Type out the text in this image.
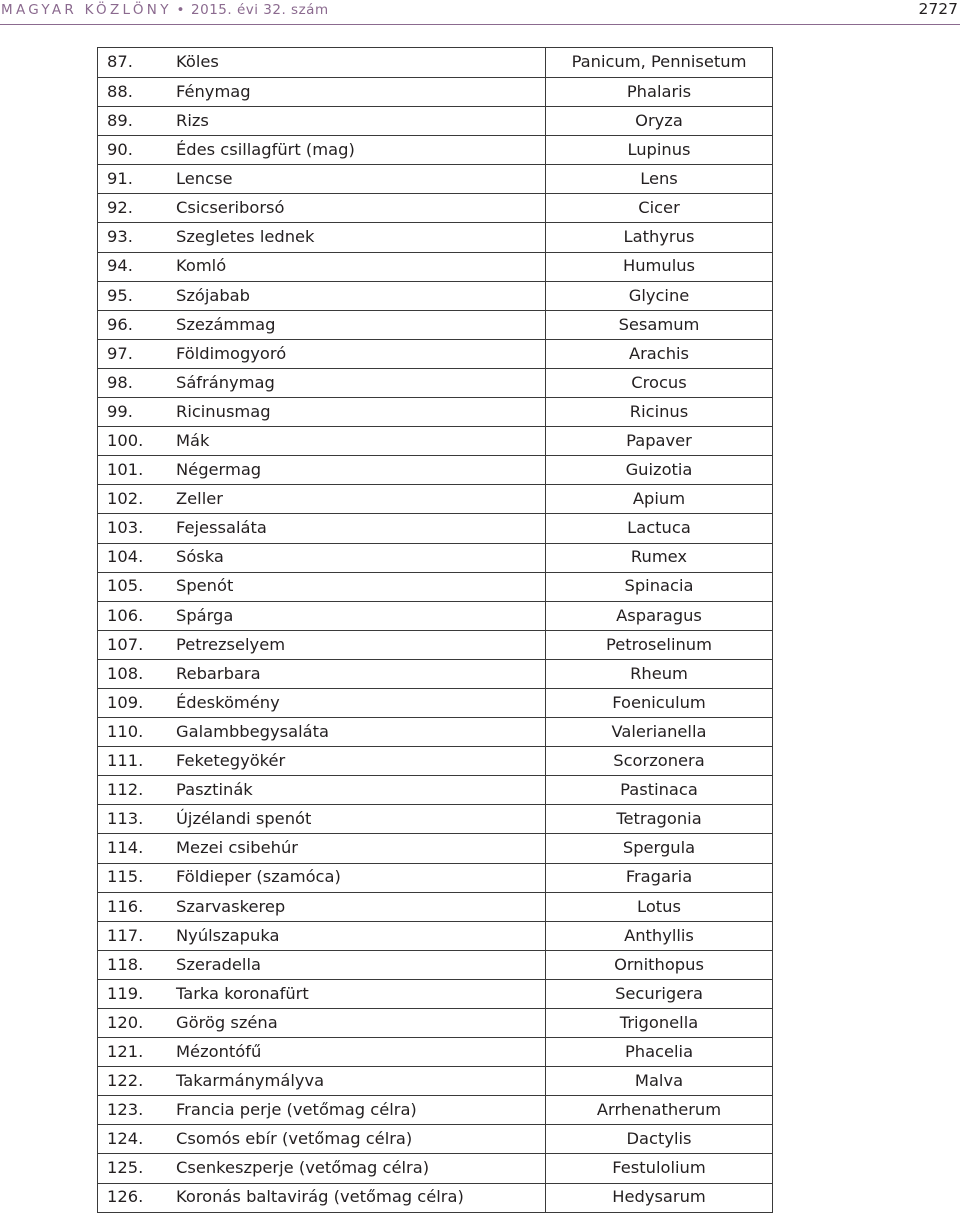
MAGYAR KÖZLÖNY • 2015. évi 32. szám	2727
87.	Köles	Panicum, Pennisetum
88.	Fénymag	Phalaris
89.	Rizs	Oryza
90.	Édes csillagfürt (mag)	Lupinus
91.	Lencse	Lens
92.	Csicseriborsó	Cicer
93.	Szegletes lednek	Lathyrus
94.	Komló	Humulus
95.	Szójabab	Glycine
96.	Szezámmag	Sesamum
97.	Földimogyoró	Arachis
98.	Sáfránymag	Crocus
99.	Ricinusmag	Ricinus
100.	Mák	Papaver
101.	Négermag	Guizotia
102.	Zeller	Apium
103.	Fejessaláta	Lactuca
104.	Sóska	Rumex
105.	Spenót	Spinacia
106.	Spárga	Asparagus
107.	Petrezselyem	Petroselinum
108.	Rebarbara	Rheum
109.	Édeskömény	Foeniculum
110.	Galambbegysaláta	Valerianella
111.	Feketegyökér	Scorzonera
112.	Pasztinák	Pastinaca
113.	Újzélandi spenót	Tetragonia
114.	Mezei csibehúr	Spergula
115.	Földieper (szamóca)	Fragaria
116.	Szarvaskerep	Lotus
117.	Nyúlszapuka	Anthyllis
118.	Szeradella	Ornithopus
119.	Tarka koronafürt	Securigera
120.	Görög széna	Trigonella
121.	Mézontófű	Phacelia
122.	Takarmánymályva	Malva
123.	Francia perje (vetőmag célra)	Arrhenatherum
124.	Csomós ebír (vetőmag célra)	Dactylis
125.	Csenkeszperje (vetőmag célra)	Festulolium
126.	Koronás baltavirág (vetőmag célra)	Hedysarum
